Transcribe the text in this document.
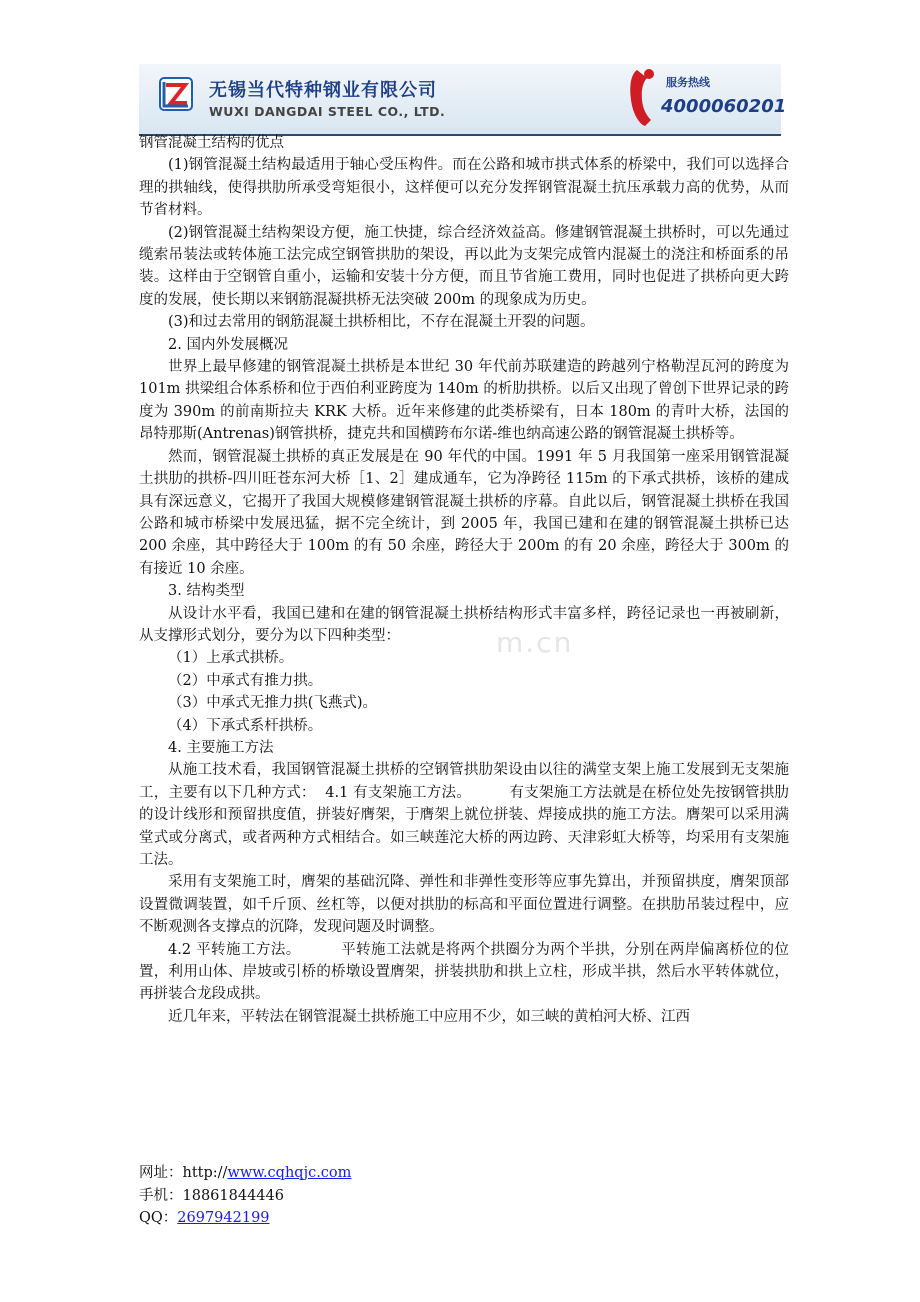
无锡当代特种钢业有限公司
WUXI DANGDAI STEEL CO., LTD.
服务热线
4000060201

钢管混凝土结构的优点

(1)钢管混凝土结构最适用于轴心受压构件。而在公路和城市拱式体系的桥梁中，我们可以选择合理的拱轴线，使得拱肋所承受弯矩很小，这样便可以充分发挥钢管混凝土抗压承载力高的优势，从而节省材料。

(2)钢管混凝土结构架设方便，施工快捷，综合经济效益高。修建钢管混凝土拱桥时，可以先通过缆索吊装法或转体施工法完成空钢管拱肋的架设，再以此为支架完成管内混凝土的浇注和桥面系的吊装。这样由于空钢管自重小，运输和安装十分方便，而且节省施工费用，同时也促进了拱桥向更大跨度的发展，使长期以来钢筋混凝拱桥无法突破 200m 的现象成为历史。

(3)和过去常用的钢筋混凝土拱桥相比，不存在混凝土开裂的问题。

2. 国内外发展概况

世界上最早修建的钢管混凝土拱桥是本世纪 30 年代前苏联建造的跨越列宁格勒涅瓦河的跨度为 101m 拱梁组合体系桥和位于西伯利亚跨度为 140m 的析肋拱桥。以后又出现了曾创下世界记录的跨度为 390m 的前南斯拉夫 KRK 大桥。近年来修建的此类桥梁有，日本 180m 的青叶大桥，法国的昂特那斯(Antrenas)钢管拱桥，捷克共和国横跨布尔诺-维也纳高速公路的钢管混凝土拱桥等。

然而，钢管混凝土拱桥的真正发展是在 90 年代的中国。1991 年 5 月我国第一座采用钢管混凝土拱肋的拱桥-四川旺苍东河大桥［1、2］建成通车，它为净跨径 115m 的下承式拱桥，该桥的建成具有深远意义，它揭开了我国大规模修建钢管混凝土拱桥的序幕。自此以后，钢管混凝土拱桥在我国公路和城市桥梁中发展迅猛，据不完全统计，到 2005 年，我国已建和在建的钢管混凝土拱桥已达 200 余座，其中跨径大于 100m 的有 50 余座，跨径大于 200m 的有 20 余座，跨径大于 300m 的有接近 10 余座。

3. 结构类型

从设计水平看，我国已建和在建的钢管混凝土拱桥结构形式丰富多样，跨径记录也一再被刷新，从支撑形式划分，要分为以下四种类型：

（1）上承式拱桥。

（2）中承式有推力拱。

（3）中承式无推力拱(飞燕式)。

（4）下承式系杆拱桥。

4. 主要施工方法

从施工技术看，我国钢管混凝土拱桥的空钢管拱肋架设由以往的满堂支架上施工发展到无支架施工，主要有以下几种方式：  4.1 有支架施工方法。        有支架施工方法就是在桥位处先按钢管拱肋的设计线形和预留拱度值，拼装好膺架，于膺架上就位拼装、焊接成拱的施工方法。膺架可以采用满堂式或分离式，或者两种方式相结合。如三峡莲沱大桥的两边跨、天津彩虹大桥等，均采用有支架施工法。

采用有支架施工时，膺架的基础沉降、弹性和非弹性变形等应事先算出，并预留拱度，膺架顶部设置微调装置，如千斤顶、丝杠等，以便对拱肋的标高和平面位置进行调整。在拱肋吊装过程中，应不断观测各支撑点的沉降，发现问题及时调整。

4.2 平转施工方法。        平转施工法就是将两个拱圈分为两个半拱，分别在两岸偏离桥位的位置，利用山体、岸坡或引桥的桥墩设置膺架，拼装拱肋和拱上立柱，形成半拱，然后水平转体就位，再拼装合龙段成拱。

近几年来，平转法在钢管混凝土拱桥施工中应用不少，如三峡的黄柏河大桥、江西

m.cn
网址：http://www.cqhqjc.com
手机：18861844446
QQ：2697942199
